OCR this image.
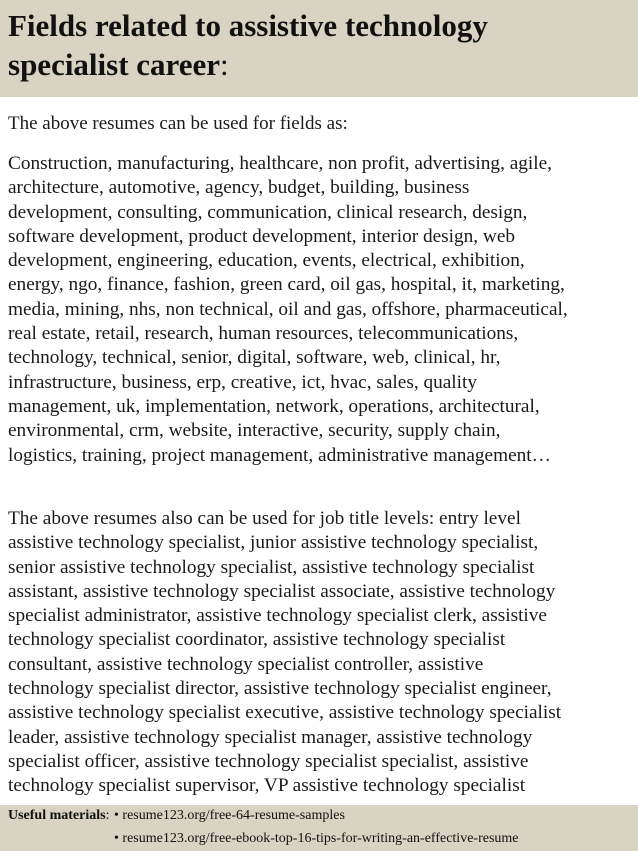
Fields related to assistive technology
specialist career:

The above resumes can be used for fields as:

Construction, manufacturing, healthcare, non profit, advertising, agile,
architecture, automotive, agency, budget, building, business
development, consulting, communication, clinical research, design,
software development, product development, interior design, web
development, engineering, education, events, electrical, exhibition,
energy, ngo, finance, fashion, green card, oil gas, hospital, it, marketing,
media, mining, nhs, non technical, oil and gas, offshore, pharmaceutical,
real estate, retail, research, human resources, telecommunications,
technology, technical, senior, digital, software, web, clinical, hr,
infrastructure, business, erp, creative, ict, hvac, sales, quality
management, uk, implementation, network, operations, architectural,
environmental, crm, website, interactive, security, supply chain,
logistics, training, project management, administrative management…
The above resumes also can be used for job title levels: entry level
assistive technology specialist, junior assistive technology specialist,
senior assistive technology specialist, assistive technology specialist
assistant, assistive technology specialist associate, assistive technology
specialist administrator, assistive technology specialist clerk, assistive
technology specialist coordinator, assistive technology specialist
consultant, assistive technology specialist controller, assistive
technology specialist director, assistive technology specialist engineer,
assistive technology specialist executive, assistive technology specialist
leader, assistive technology specialist manager, assistive technology
specialist officer, assistive technology specialist specialist, assistive
technology specialist supervisor, VP assistive technology specialist
Useful materials: • resume123.org/free-64-resume-samples
• resume123.org/free-ebook-top-16-tips-for-writing-an-effective-resume
